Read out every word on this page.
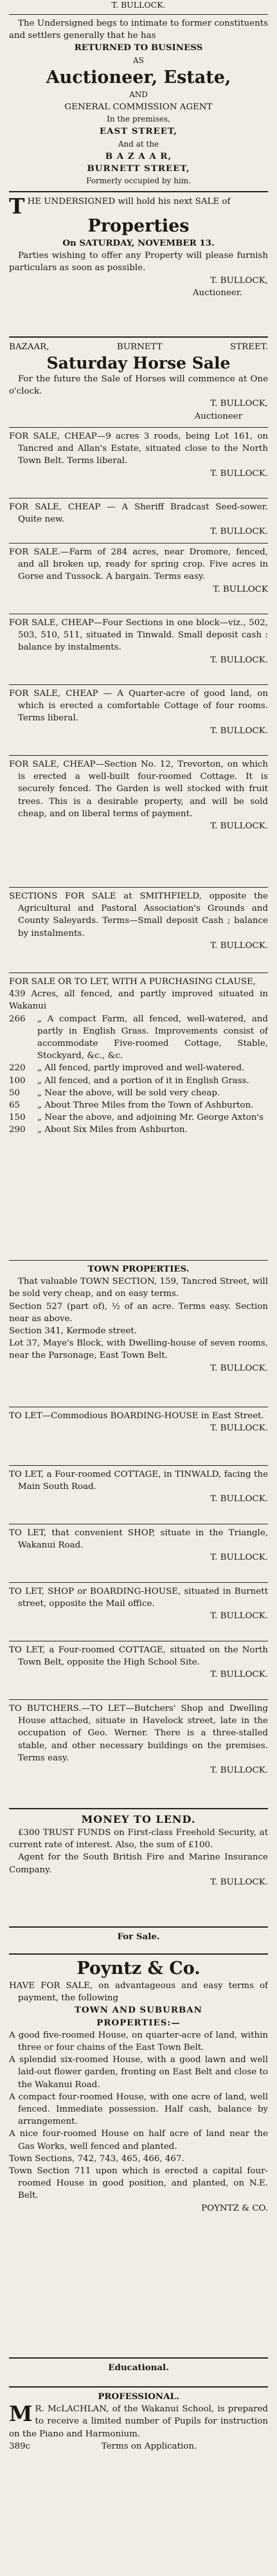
T. BULLOCK.

The Undersigned begs to intimate to former constituents and settlers generally that he has

RETURNED TO BUSINESS

AS

Auctioneer, Estate,

AND

GENERAL COMMISSION AGENT

In the premises,

EAST STREET,

And at the

B A Z A A R,

BURNETT STREET,

Formerly occupied by him.

THE UNDERSIGNED will hold his next SALE of

Properties

On SATURDAY, NOVEMBER 13.

Parties wishing to offer any Property will please furnish particulars as soon as possible.

T. BULLOCK,

Auctioneer.

BAZAAR,	BURNETT	STREET.

Saturday Horse Sale

For the future the Sale of Horses will commence at One o'clock.

T. BULLOCK,

Auctioneer

FOR SALE, CHEAP—9 acres 3 roods, being Lot 161, on Tancred and Allan's Estate, situated close to the North Town Belt. Terms liberal.

T. BULLOCK.

FOR SALE, CHEAP — A Sheriff Bradcast Seed-sower. Quite new.

T. BULLOCK.

FOR SALE.—Farm of 284 acres, near Dromore, fenced, and all broken up, ready for spring crop. Five acres in Gorse and Tussock. A bargain. Terms easy.

T. BULLOCK

FOR SALE, CHEAP—Four Sections in one block—viz., 502, 503, 510, 511, situated in Tinwald. Small deposit cash : balance by instalments.

T. BULLOCK.

FOR SALE, CHEAP — A Quarter-acre of good land, on which is erected a comfortable Cottage of four rooms. Terms liberal.

T. BULLOCK.

FOR SALE, CHEAP—Section No. 12, Trevorton, on which is erected a well-built four-roomed Cottage. It is securely fenced. The Garden is well stocked with fruit trees. This is a desirable property, and will be sold cheap, and on liberal terms of payment.

T. BULLOCK.

SECTIONS FOR SALE at SMITHFIELD, opposite the Agricultural and Pastoral Association's Grounds and County Saleyards. Terms—Small deposit Cash ; balance by instalments.

T. BULLOCK.

FOR SALE OR TO LET, WITH A PURCHASING CLAUSE,

439 Acres, all fenced, and partly improved situated in Wakanui

266	„ A compact Farm, all fenced, well-watered, and partly in English Grass. Improvements consist of accommodate Five-roomed Cottage, Stable, Stockyard, &c., &c.

220	„ All fenced, partly improved and well-watered.

100	„ All fenced, and a portion of it in English Grass.

50	„ Near the above, will be sold very cheap.

65	„ About Three Miles from the Town of Ashburton.

150	„ Near the above, and adjoining Mr. George Axton's

290	„ About Six Miles from Ashburton.

TOWN PROPERTIES.

That valuable TOWN SECTION, 159, Tancred Street, will be sold very cheap, and on easy terms.

Section 527 (part of), ½ of an acre. Terms easy. Section near as above.

Section 341, Kermode street.

Lot 37, Maye's Block, with Dwelling-house of seven rooms, near the Parsonage, East Town Belt.

T. BULLOCK.

TO LET—Commodious BOARDING-HOUSE in East Street.

T. BULLOCK.

TO LET, a Four-roomed COTTAGE, in TINWALD, facing the Main South Road.

T. BULLOCK.

TO LET, that convenient SHOP, situate in the Triangle, Wakanui Road.

T. BULLOCK.

TO LET, SHOP or BOARDING-HOUSE, situated in Burnett street, opposite the Mail office.

T. BULLOCK.

TO LET, a Four-roomed COTTAGE, situated on the North Town Belt, opposite the High School Site.

T. BULLOCK.

TO BUTCHERS.—TO LET—Butchers' Shop and Dwelling House attached, situate in Havelock street, late in the occupation of Geo. Werner. There is a three-stalled stable, and other necessary buildings on the premises. Terms easy.

T. BULLOCK.

MONEY TO LEND.

£300 TRUST FUNDS on First-class Freehold Security, at current rate of interest. Also, the sum of £100.

Agent for the South British Fire and Marine Insurance Company.

T. BULLOCK.

For Sale.

Poyntz & Co.

HAVE FOR SALE, on advantageous and easy terms of payment, the following

TOWN AND SUBURBAN

PROPERTIES:—

A good five-roomed House, on quarter-acre of land, within three or four chains of the East Town Belt.

A splendid six-roomed House, with a good lawn and well laid-out flower garden, fronting on East Belt and close to the Wakanui Road.

A compact four-roomed House, with one acre of land, well fenced. Immediate possession. Half cash, balance by arrangement.

A nice four-roomed House on half acre of land near the Gas Works, well fenced and planted.

Town Sections, 742, 743, 465, 466, 467.

Town Section 711 upon which is erected a capital four-roomed House in good position, and planted, on N.E. Belt.

POYNTZ & CO.

Educational.

PROFESSIONAL.

M R. McLACHLAN, of the Wakanui School, is prepared to receive a limited number of Pupils for instruction on the Piano and Harmonium.

389c	Terms on Application.
